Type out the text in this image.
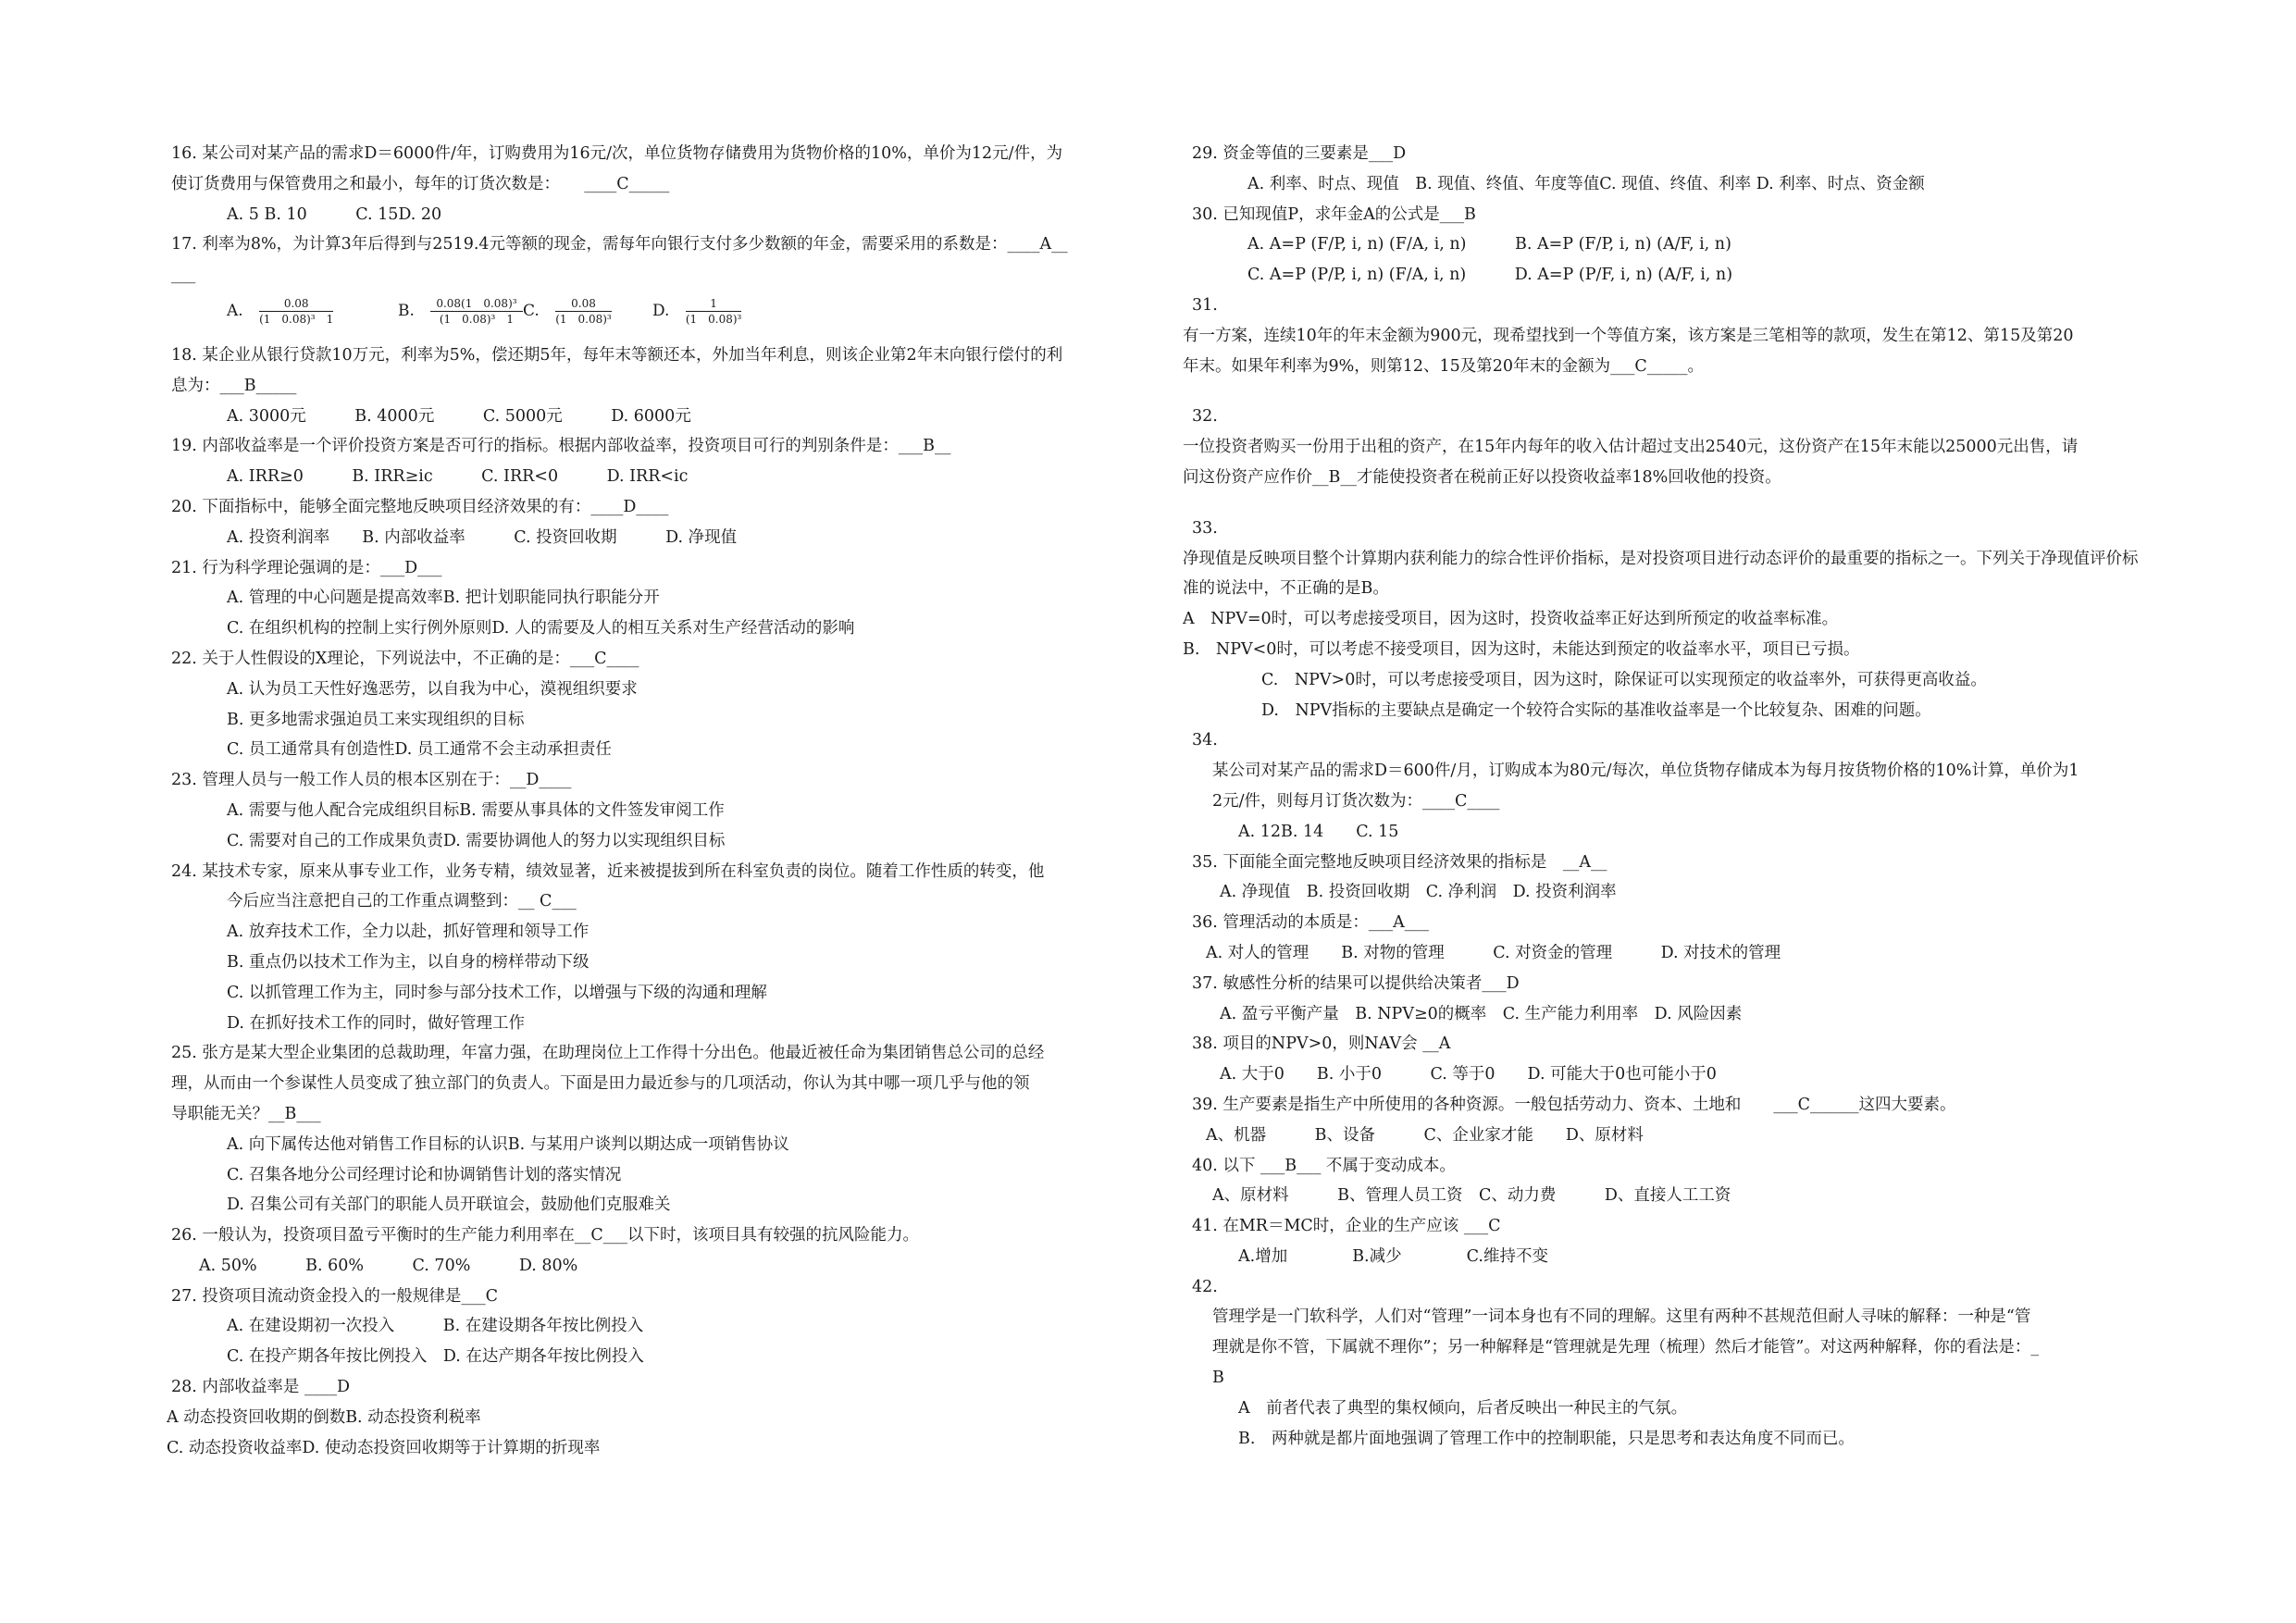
16. 某公司对某产品的需求D＝6000件/年，订购费用为16元/次，单位货物存储费用为货物价格的10%，单价为12元/件，为
使订货费用与保管费用之和最小，每年的订货次数是：　　____C_____
A. 5 B. 10　　　C. 15D. 20
17. 利率为8%，为计算3年后得到与2519.4元等额的现金，需每年向银行支付多少数额的年金，需要采用的系数是：____A__
___
A. $\frac{0.08}{\text{(1　0.08)³　1}}$	B. $\frac{\text{0.08(1　0.08)³}}{\text{(1　0.08)³　1}} C$. $\frac{0.08}{\text{(1　0.08)³}}$	D. $\frac{1}{\text{(1　0.08)³}}$
18. 某企业从银行贷款10万元，利率为5%，偿还期5年，每年末等额还本，外加当年利息，则该企业第2年末向银行偿付的利
息为：___B_____
A. 3000元　　　B. 4000元　　　C. 5000元　　　D. 6000元
19. 内部收益率是一个评价投资方案是否可行的指标。根据内部收益率，投资项目可行的判别条件是：___B__
A. IRR≥0　　　B. IRR≥ic　　　C. IRR<0　　　D. IRR<ic
20. 下面指标中，能够全面完整地反映项目经济效果的有：____D____
A. 投资利润率　　B. 内部收益率　　　C. 投资回收期　　　D. 净现值
21. 行为科学理论强调的是：___D___
A. 管理的中心问题是提高效率B. 把计划职能同执行职能分开
C. 在组织机构的控制上实行例外原则D. 人的需要及人的相互关系对生产经营活动的影响
22. 关于人性假设的X理论，下列说法中，不正确的是：___C____
A. 认为员工天性好逸恶劳，以自我为中心，漠视组织要求
B. 更多地需求强迫员工来实现组织的目标
C. 员工通常具有创造性D. 员工通常不会主动承担责任
23. 管理人员与一般工作人员的根本区别在于：__D____
A. 需要与他人配合完成组织目标B. 需要从事具体的文件签发审阅工作
C. 需要对自己的工作成果负责D. 需要协调他人的努力以实现组织目标
24. 某技术专家，原来从事专业工作，业务专精，绩效显著，近来被提拔到所在科室负责的岗位。随着工作性质的转变，他
今后应当注意把自己的工作重点调整到：__ C___
A. 放弃技术工作，全力以赴，抓好管理和领导工作
B. 重点仍以技术工作为主，以自身的榜样带动下级
C. 以抓管理工作为主，同时参与部分技术工作，以增强与下级的沟通和理解
D. 在抓好技术工作的同时，做好管理工作
25. 张方是某大型企业集团的总裁助理，年富力强，在助理岗位上工作得十分出色。他最近被任命为集团销售总公司的总经
理，从而由一个参谋性人员变成了独立部门的负责人。下面是田力最近参与的几项活动，你认为其中哪一项几乎与他的领
导职能无关？__B___
A. 向下属传达他对销售工作目标的认识B. 与某用户谈判以期达成一项销售协议
C. 召集各地分公司经理讨论和协调销售计划的落实情况
D. 召集公司有关部门的职能人员开联谊会，鼓励他们克服难关
26. 一般认为，投资项目盈亏平衡时的生产能力利用率在__C___以下时，该项目具有较强的抗风险能力。
A. 50%　　　B. 60%　　　C. 70%　　　D. 80%
27. 投资项目流动资金投入的一般规律是___C
A. 在建设期初一次投入　　　B. 在建设期各年按比例投入
C. 在投产期各年按比例投入　D. 在达产期各年按比例投入
28. 内部收益率是 ____D
A 动态投资回收期的倒数B. 动态投资利税率
C. 动态投资收益率D. 使动态投资回收期等于计算期的折现率
29. 资金等值的三要素是___D
A. 利率、时点、现值　B. 现值、终值、年度等值C. 现值、终值、利率 D. 利率、时点、资金额
30. 已知现值P，求年金A的公式是___B
A. A=P (F/P, i, n) (F/A, i, n)　　　B. A=P (F/P, i, n) (A/F, i, n)
C. A=P (P/P, i, n) (F/A, i, n)　　　D. A=P (P/F, i, n) (A/F, i, n)
31.
有一方案，连续10年的年末金额为900元，现希望找到一个等值方案，该方案是三笔相等的款项，发生在第12、第15及第20
年末。如果年利率为9%，则第12、15及第20年末的金额为___C_____。
32.
一位投资者购买一份用于出租的资产，在15年内每年的收入估计超过支出2540元，这份资产在15年末能以25000元出售，请
问这份资产应作价__B__才能使投资者在税前正好以投资收益率18%回收他的投资。
33.
净现值是反映项目整个计算期内获利能力的综合性评价指标，是对投资项目进行动态评价的最重要的指标之一。下列关于净现值评价标
准的说法中，不正确的是B。
A　NPV=0时，可以考虑接受项目，因为这时，投资收益率正好达到所预定的收益率标准。
B.　NPV<0时，可以考虑不接受项目，因为这时，未能达到预定的收益率水平，项目已亏损。
C.　NPV>0时，可以考虑接受项目，因为这时，除保证可以实现预定的收益率外，可获得更高收益。
D.　NPV指标的主要缺点是确定一个较符合实际的基准收益率是一个比较复杂、困难的问题。
34.
某公司对某产品的需求D＝600件/月，订购成本为80元/每次，单位货物存储成本为每月按货物价格的10%计算，单价为1
2元/件，则每月订货次数为：____C____
A. 12B. 14　　C. 15
35. 下面能全面完整地反映项目经济效果的指标是　__A__
A. 净现值　B. 投资回收期　C. 净利润　D. 投资利润率
36. 管理活动的本质是：___A___
A. 对人的管理　　B. 对物的管理　　　C. 对资金的管理　　　D. 对技术的管理
37. 敏感性分析的结果可以提供给决策者___D
A. 盈亏平衡产量　B. NPV≥0的概率　C. 生产能力利用率　D. 风险因素
38. 项目的NPV>0，则NAV会 __A
A. 大于0　　B. 小于0　　　C. 等于0　　D. 可能大于0也可能小于0
39. 生产要素是指生产中所使用的各种资源。一般包括劳动力、资本、土地和　　___C______这四大要素。
A、机器　　　B、设备　　　C、企业家才能　　D、原材料
40. 以下 ___B___ 不属于变动成本。
A、原材料　　　B、管理人员工资　C、动力费　　　D、直接人工工资
41. 在MR＝MC时，企业的生产应该 ___C
A.增加　　　　B.减少　　　　C.维持不变
42.
管理学是一门软科学，人们对“管理”一词本身也有不同的理解。这里有两种不甚规范但耐人寻味的解释：一种是“管
理就是你不管，下属就不理你”；另一种解释是“管理就是先理（梳理）然后才能管”。对这两种解释，你的看法是：_
B
A　前者代表了典型的集权倾向，后者反映出一种民主的气氛。
B.　两种就是都片面地强调了管理工作中的控制职能，只是思考和表达角度不同而已。
